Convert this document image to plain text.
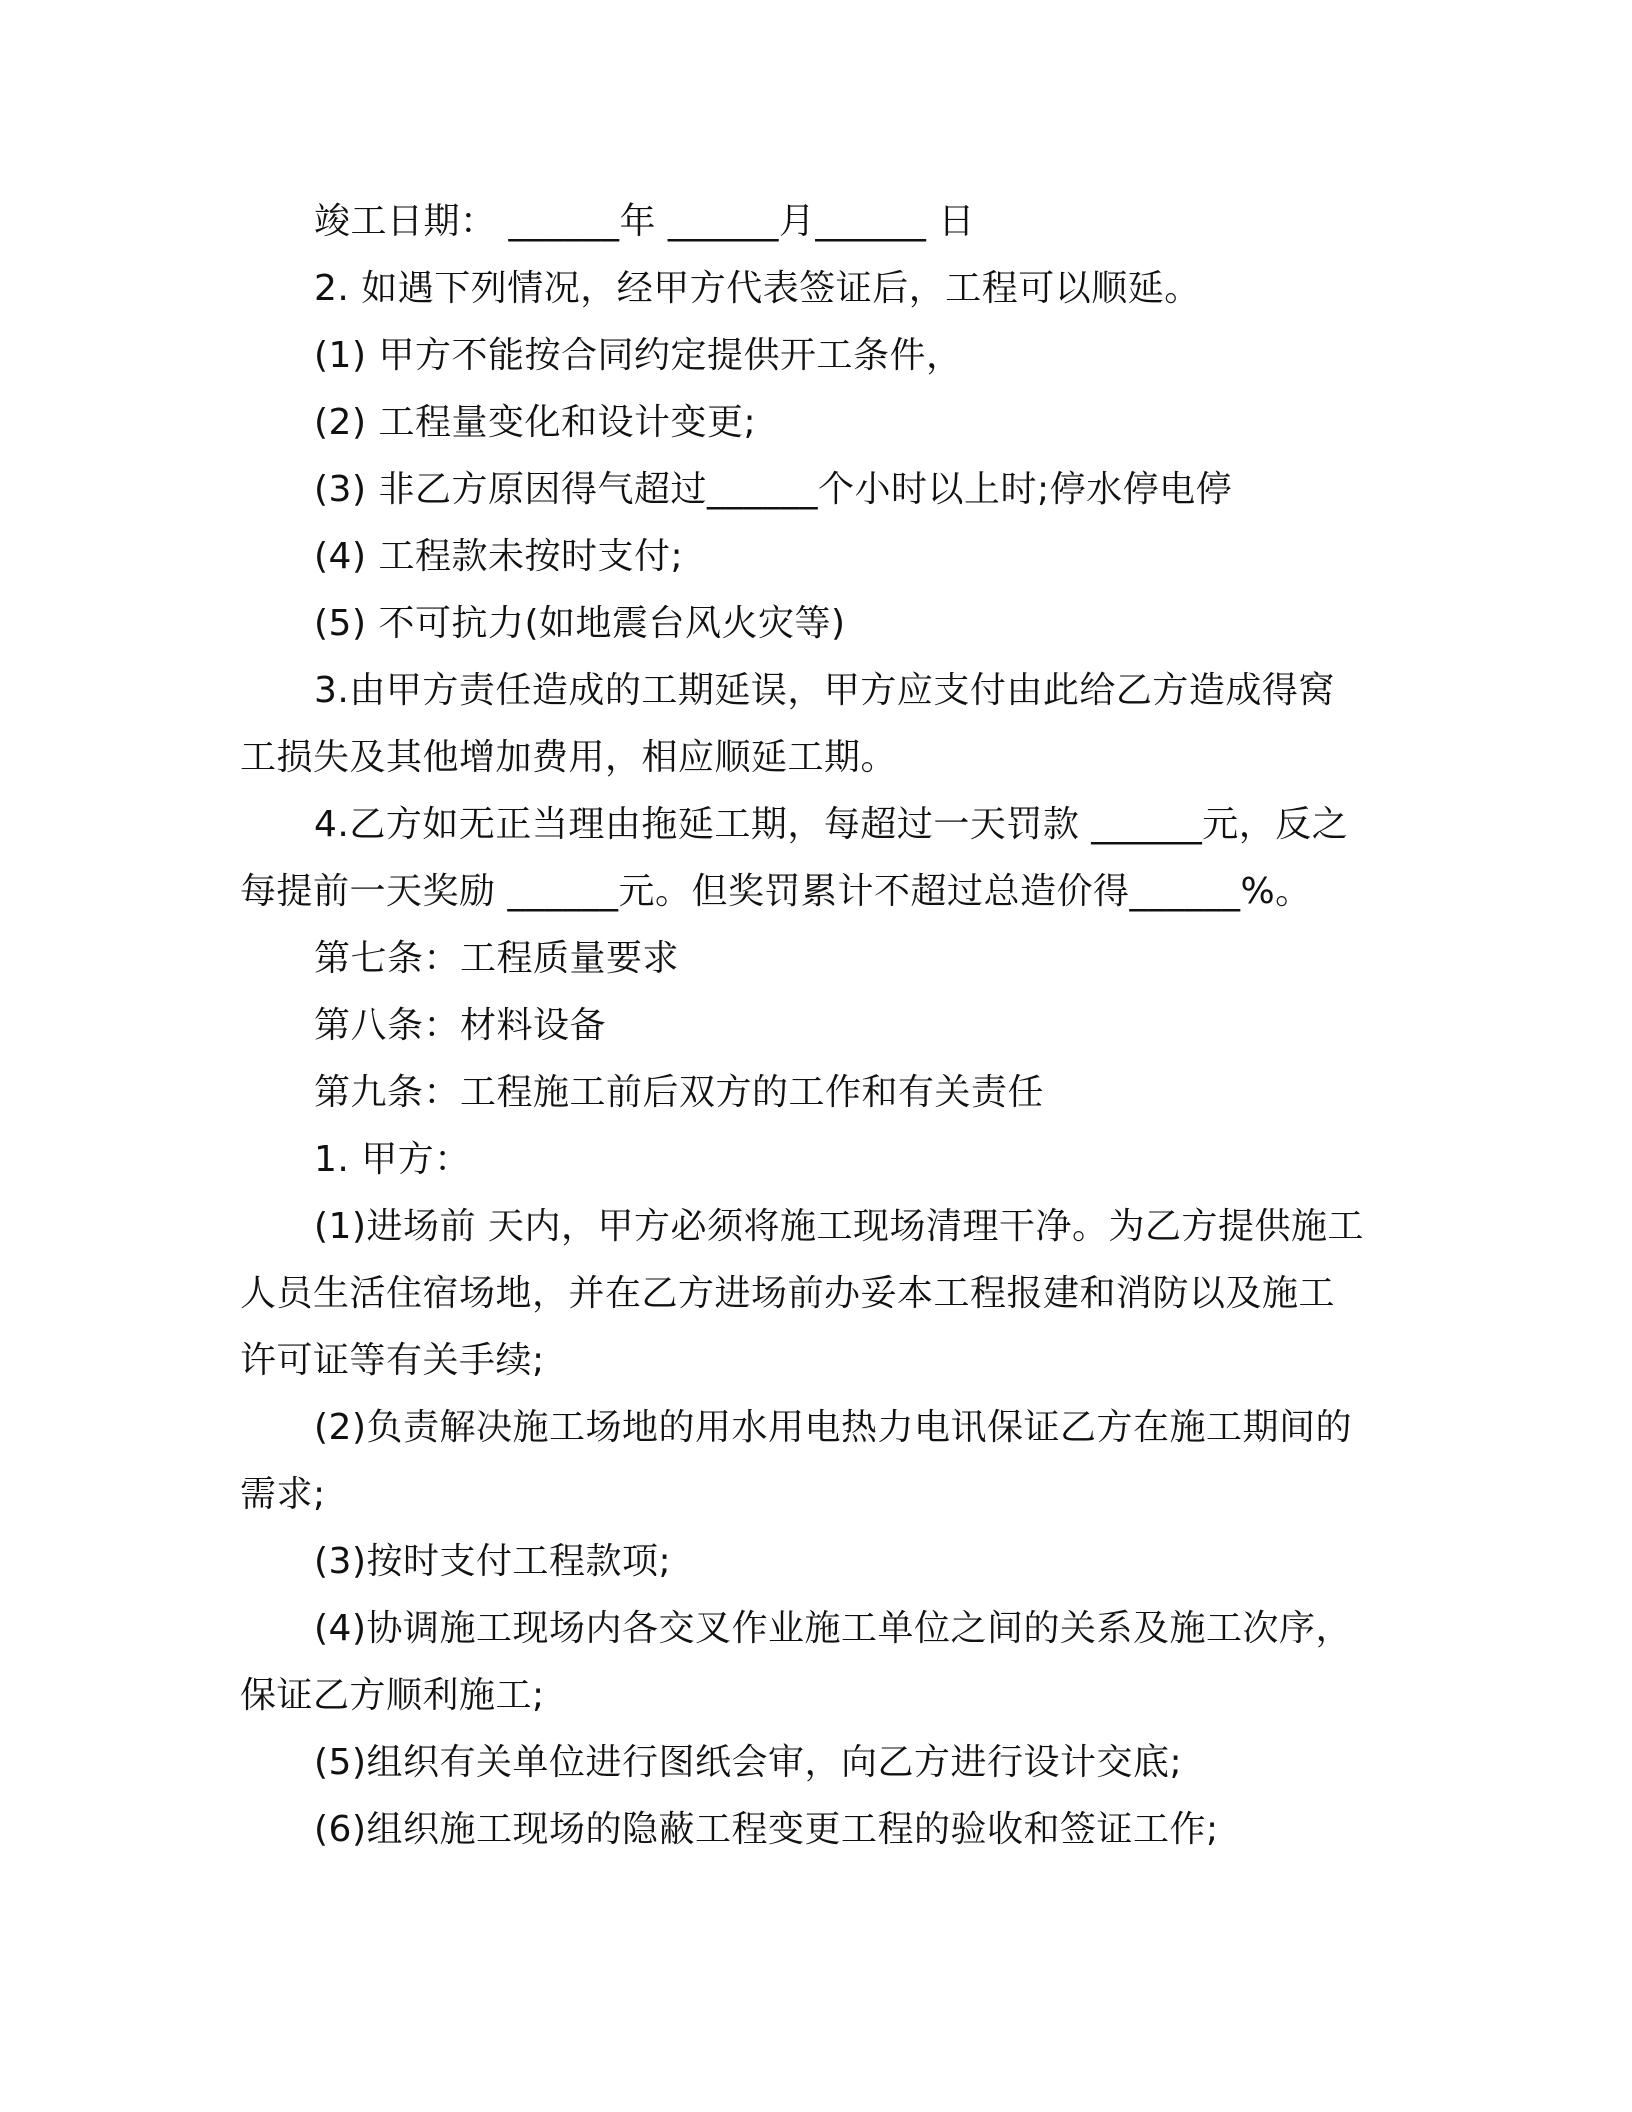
竣工日期： ______年 ______月______ 日

2. 如遇下列情况，经甲方代表签证后，工程可以顺延。

(1) 甲方不能按合同约定提供开工条件，

(2) 工程量变化和设计变更;

(3) 非乙方原因得气超过______个小时以上时;停水停电停

(4) 工程款未按时支付;

(5) 不可抗力(如地震台风火灾等)

3.由甲方责任造成的工期延误，甲方应支付由此给乙方造成得窝

工损失及其他增加费用，相应顺延工期。

4.乙方如无正当理由拖延工期，每超过一天罚款 ______元，反之

每提前一天奖励 ______元。但奖罚累计不超过总造价得______%。

第七条：工程质量要求

第八条：材料设备

第九条：工程施工前后双方的工作和有关责任

1. 甲方：

(1)进场前 天内，甲方必须将施工现场清理干净。为乙方提供施工

人员生活住宿场地，并在乙方进场前办妥本工程报建和消防以及施工

许可证等有关手续;

(2)负责解决施工场地的用水用电热力电讯保证乙方在施工期间的

需求;

(3)按时支付工程款项;

(4)协调施工现场内各交叉作业施工单位之间的关系及施工次序，

保证乙方顺利施工;

(5)组织有关单位进行图纸会审，向乙方进行设计交底;

(6)组织施工现场的隐蔽工程变更工程的验收和签证工作;
